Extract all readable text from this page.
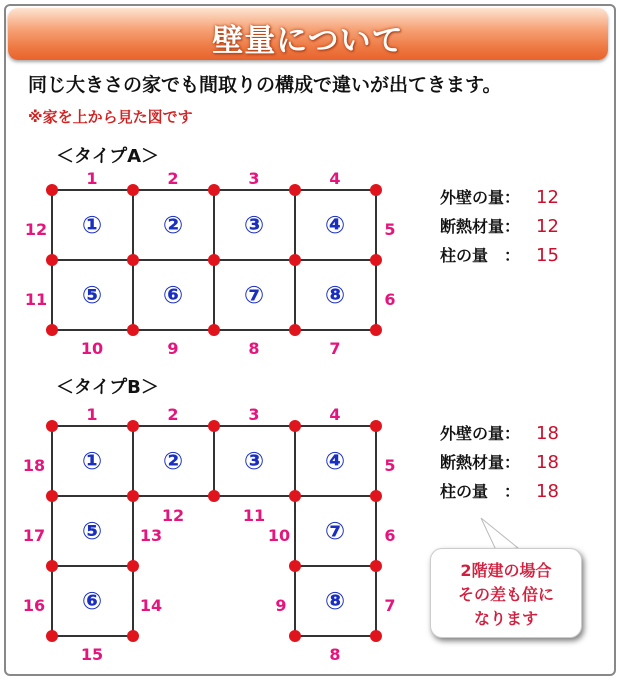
壁量について
同じ大きさの家でも間取りの構成で違いが出てきます。
※家を上から見た図です
＜タイプA＞
①	②	③	④
⑤	⑥	⑦	⑧
1	2	3	4
5
6
7
8
9
10
11
12
外壁の量： 12
断熱材量： 12
柱の量　： 15
＜タイプB＞
①	②	③	④
⑤	⑦
⑥	⑧
1	2	3	4
5
6
7
8
9
10
11
12
13
14
15
16
17
18
外壁の量： 18
断熱材量： 18
柱の量　： 18
2階建の場合
その差も倍に
なります
